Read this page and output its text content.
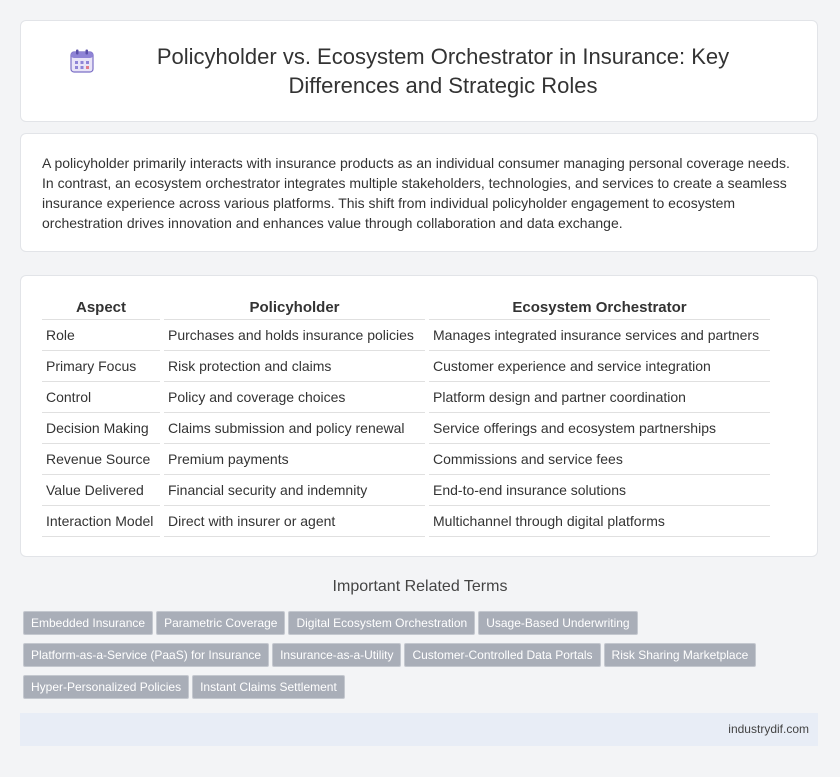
Policyholder vs. Ecosystem Orchestrator in Insurance: Key Differences and Strategic Roles

A policyholder primarily interacts with insurance products as an individual consumer managing personal coverage needs. In contrast, an ecosystem orchestrator integrates multiple stakeholders, technologies, and services to create a seamless insurance experience across various platforms. This shift from individual policyholder engagement to ecosystem orchestration drives innovation and enhances value through collaboration and data exchange.

Aspect	Policyholder	Ecosystem Orchestrator
Role	Purchases and holds insurance policies	Manages integrated insurance services and partners
Primary Focus	Risk protection and claims	Customer experience and service integration
Control	Policy and coverage choices	Platform design and partner coordination
Decision Making	Claims submission and policy renewal	Service offerings and ecosystem partnerships
Revenue Source	Premium payments	Commissions and service fees
Value Delivered	Financial security and indemnity	End-to-end insurance solutions
Interaction Model	Direct with insurer or agent	Multichannel through digital platforms
Important Related Terms
Embedded Insurance Parametric Coverage Digital Ecosystem Orchestration Usage-Based Underwriting
Platform-as-a-Service (PaaS) for Insurance Insurance-as-a-Utility Customer-Controlled Data Portals Risk Sharing Marketplace
Hyper-Personalized Policies Instant Claims Settlement
industrydif.com
